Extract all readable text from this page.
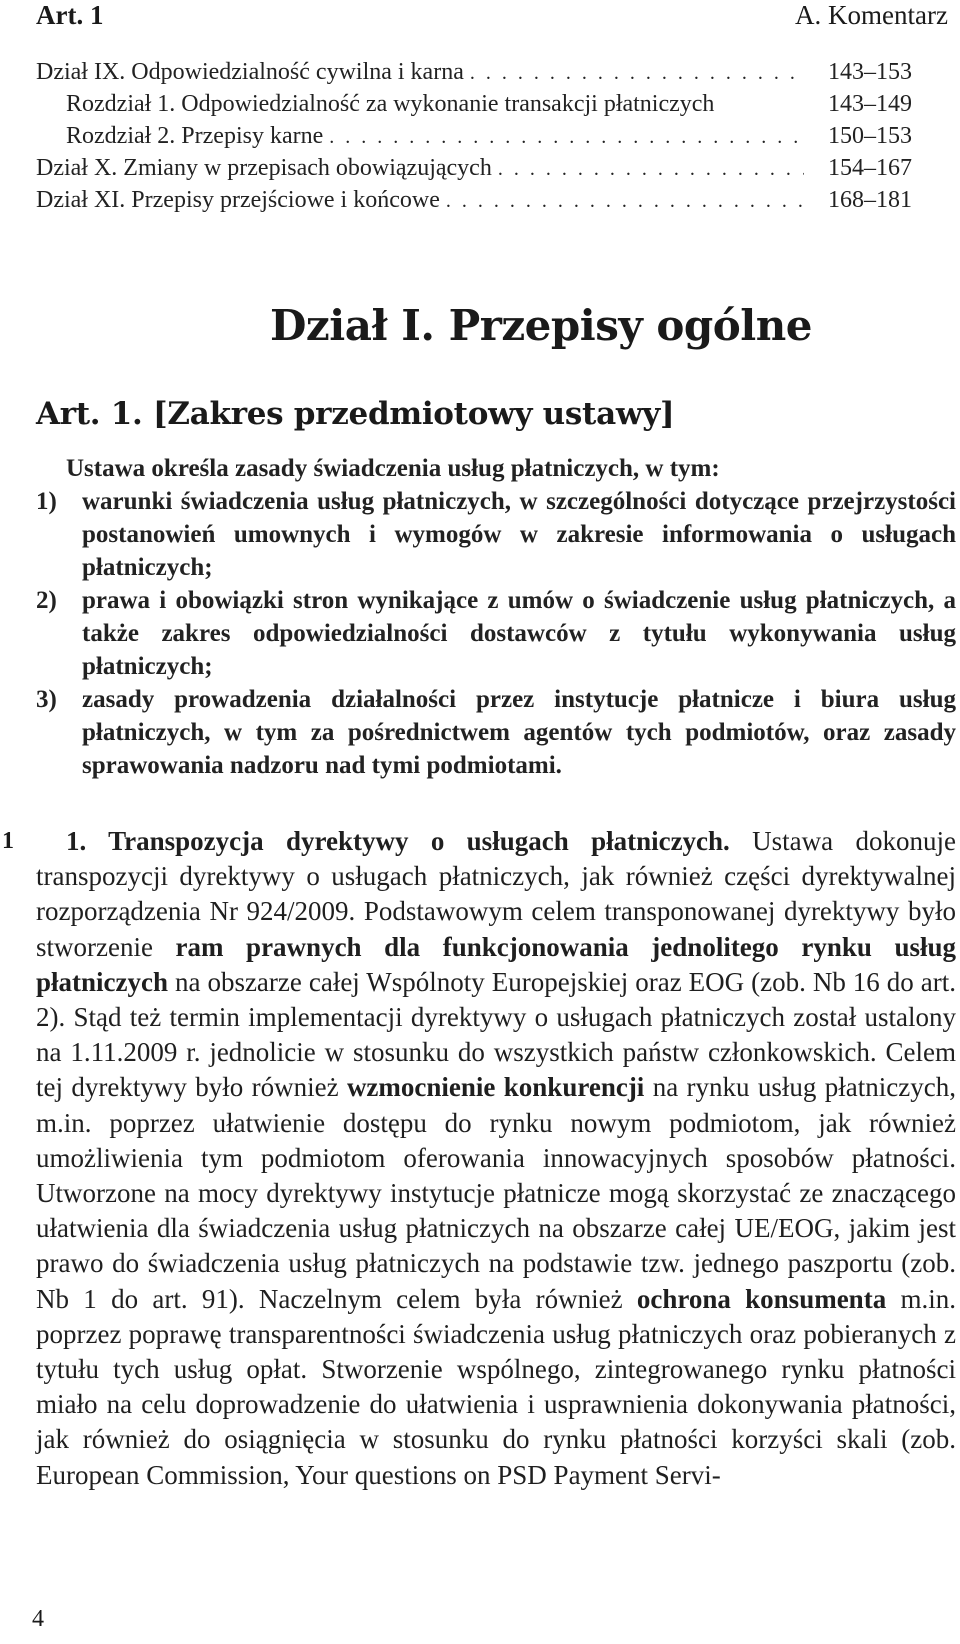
Art. 1	A. Komentarz
Dział IX. Odpowiedzialność cywilna i karna . . .	143–153
Rozdział 1. Odpowiedzialność za wykonanie transakcji płatniczych	143–149
Rozdział 2. Przepisy karne . . .	150–153
Dział X. Zmiany w przepisach obowiązujących . . .	154–167
Dział XI. Przepisy przejściowe i końcowe . . .	168–181
Dział I. Przepisy ogólne
Art. 1. [Zakres przedmiotowy ustawy]
Ustawa określa zasady świadczenia usług płatniczych, w tym:
1)	warunki świadczenia usług płatniczych, w szczególności dotyczące przejrzystości postanowień umownych i wymogów w zakresie informowania o usługach płatniczych;
2)	prawa i obowiązki stron wynikające z umów o świadczenie usług płatniczych, a także zakres odpowiedzialności dostawców z tytułu wykonywania usług płatniczych;
3)	zasady prowadzenia działalności przez instytucje płatnicze i biura usług płatniczych, w tym za pośrednictwem agentów tych podmiotów, oraz zasady sprawowania nadzoru nad tymi podmiotami.
1	1. Transpozycja dyrektywy o usługach płatniczych. Ustawa dokonuje transpozycji dyrektywy o usługach płatniczych, jak również części dyrektywalnej rozporządzenia Nr 924/2009. Podstawowym celem transponowanej dyrektywy było stworzenie ram prawnych dla funkcjonowania jednolitego rynku usług płatniczych na obszarze całej Wspólnoty Europejskiej oraz EOG (zob. Nb 16 do art. 2). Stąd też termin implementacji dyrektywy o usługach płatniczych został ustalony na 1.11.2009 r. jednolicie w stosunku do wszystkich państw członkowskich. Celem tej dyrektywy było również wzmocnienie konkurencji na rynku usług płatniczych, m.in. poprzez ułatwienie dostępu do rynku nowym podmiotom, jak również umożliwienia tym podmiotom oferowania innowacyjnych sposobów płatności. Utworzone na mocy dyrektywy instytucje płatnicze mogą skorzystać ze znaczącego ułatwienia dla świadczenia usług płatniczych na obszarze całej UE/EOG, jakim jest prawo do świadczenia usług płatniczych na podstawie tzw. jednego paszportu (zob. Nb 1 do art. 91). Naczelnym celem była również ochrona konsumenta m.in. poprzez poprawę transparentności świadczenia usług płatniczych oraz pobieranych z tytułu tych usług opłat. Stworzenie wspólnego, zintegrowanego rynku płatności miało na celu doprowadzenie do ułatwienia i usprawnienia dokonywania płatności, jak również do osiągnięcia w stosunku do rynku płatności korzyści skali (zob. European Commission, Your questions on PSD Payment Servi-

4
